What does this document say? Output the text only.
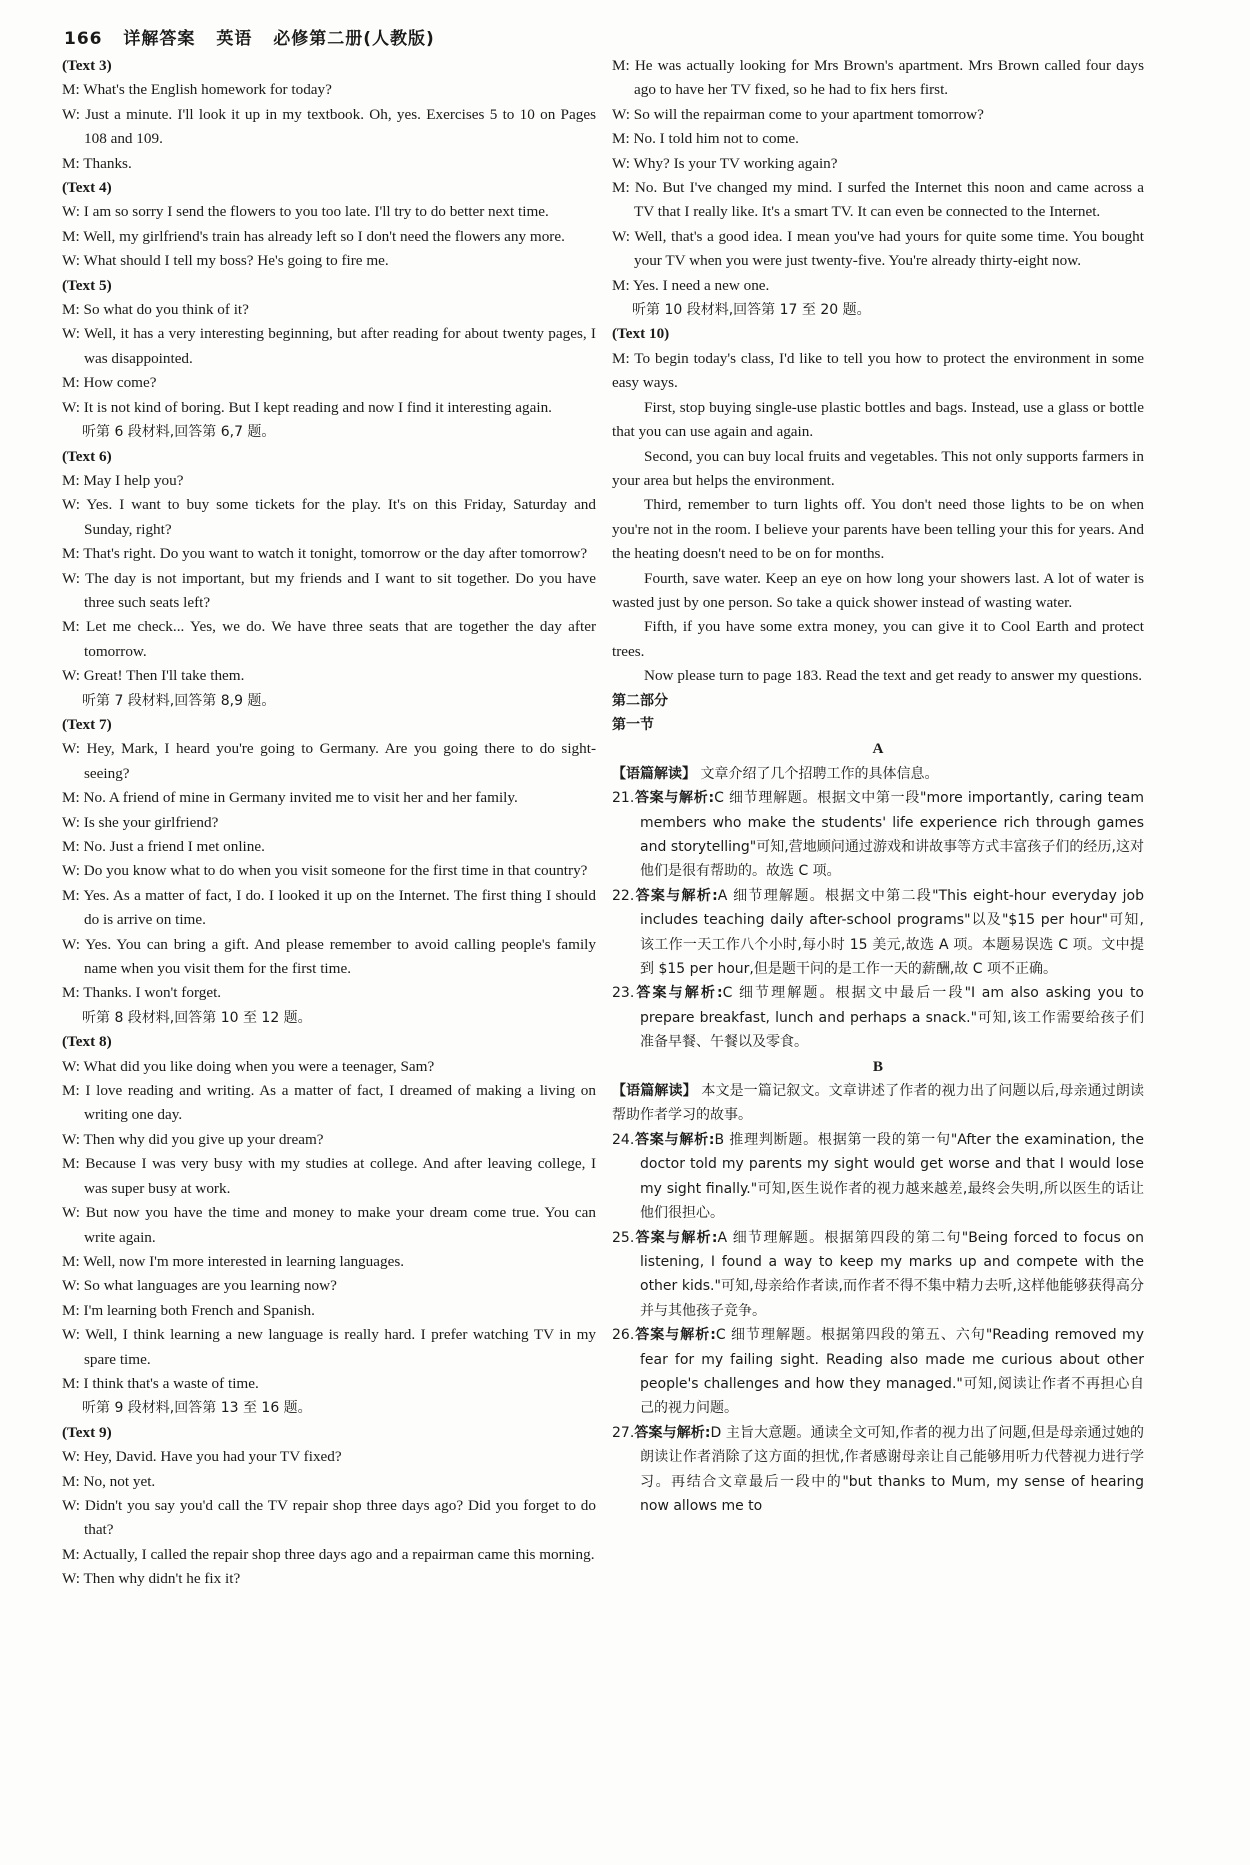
166 详解答案 英语 必修第二册(人教版)

(Text 3)

M: What's the English homework for today?

W: Just a minute. I'll look it up in my textbook. Oh, yes. Exercises 5 to 10 on Pages 108 and 109.

M: Thanks.

(Text 4)

W: I am so sorry I send the flowers to you too late. I'll try to do better next time.

M: Well, my girlfriend's train has already left so I don't need the flowers any more.

W: What should I tell my boss? He's going to fire me.

(Text 5)

M: So what do you think of it?

W: Well, it has a very interesting beginning, but after reading for about twenty pages, I was disappointed.

M: How come?

W: It is not kind of boring. But I kept reading and now I find it interesting again.

听第 6 段材料,回答第 6,7 题。

(Text 6)

M: May I help you?

W: Yes. I want to buy some tickets for the play. It's on this Friday, Saturday and Sunday, right?

M: That's right. Do you want to watch it tonight, tomorrow or the day after tomorrow?

W: The day is not important, but my friends and I want to sit together. Do you have three such seats left?

M: Let me check... Yes, we do. We have three seats that are together the day after tomorrow.

W: Great! Then I'll take them.

听第 7 段材料,回答第 8,9 题。

(Text 7)

W: Hey, Mark, I heard you're going to Germany. Are you going there to do sight-seeing?

M: No. A friend of mine in Germany invited me to visit her and her family.

W: Is she your girlfriend?

M: No. Just a friend I met online.

W: Do you know what to do when you visit someone for the first time in that country?

M: Yes. As a matter of fact, I do. I looked it up on the Internet. The first thing I should do is arrive on time.

W: Yes. You can bring a gift. And please remember to avoid calling people's family name when you visit them for the first time.

M: Thanks. I won't forget.

听第 8 段材料,回答第 10 至 12 题。

(Text 8)

W: What did you like doing when you were a teenager, Sam?

M: I love reading and writing. As a matter of fact, I dreamed of making a living on writing one day.

W: Then why did you give up your dream?

M: Because I was very busy with my studies at college. And after leaving college, I was super busy at work.

W: But now you have the time and money to make your dream come true. You can write again.

M: Well, now I'm more interested in learning languages.

W: So what languages are you learning now?

M: I'm learning both French and Spanish.

W: Well, I think learning a new language is really hard. I prefer watching TV in my spare time.

M: I think that's a waste of time.

听第 9 段材料,回答第 13 至 16 题。

(Text 9)

W: Hey, David. Have you had your TV fixed?

M: No, not yet.

W: Didn't you say you'd call the TV repair shop three days ago? Did you forget to do that?

M: Actually, I called the repair shop three days ago and a repairman came this morning.

W: Then why didn't he fix it?

M: He was actually looking for Mrs Brown's apartment. Mrs Brown called four days ago to have her TV fixed, so he had to fix hers first.

W: So will the repairman come to your apartment tomorrow?

M: No. I told him not to come.

W: Why? Is your TV working again?

M: No. But I've changed my mind. I surfed the Internet this noon and came across a TV that I really like. It's a smart TV. It can even be connected to the Internet.

W: Well, that's a good idea. I mean you've had yours for quite some time. You bought your TV when you were just twenty-five. You're already thirty-eight now.

M: Yes. I need a new one.

听第 10 段材料,回答第 17 至 20 题。

(Text 10)

M: To begin today's class, I'd like to tell you how to protect the environment in some easy ways.

First, stop buying single-use plastic bottles and bags. Instead, use a glass or bottle that you can use again and again.

Second, you can buy local fruits and vegetables. This not only supports farmers in your area but helps the environment.

Third, remember to turn lights off. You don't need those lights to be on when you're not in the room. I believe your parents have been telling your this for years. And the heating doesn't need to be on for months.

Fourth, save water. Keep an eye on how long your showers last. A lot of water is wasted just by one person. So take a quick shower instead of wasting water.

Fifth, if you have some extra money, you can give it to Cool Earth and protect trees.

Now please turn to page 183. Read the text and get ready to answer my questions.

第二部分

第一节

A

【语篇解读】 文章介绍了几个招聘工作的具体信息。

21.答案与解析:C 细节理解题。根据文中第一段"more importantly, caring team members who make the students' life experience rich through games and storytelling"可知,营地顾问通过游戏和讲故事等方式丰富孩子们的经历,这对他们是很有帮助的。故选 C 项。

22.答案与解析:A 细节理解题。根据文中第二段"This eight-hour everyday job includes teaching daily after-school programs"以及"$15 per hour"可知,该工作一天工作八个小时,每小时 15 美元,故选 A 项。本题易误选 C 项。文中提到 $15 per hour,但是题干问的是工作一天的薪酬,故 C 项不正确。

23.答案与解析:C 细节理解题。根据文中最后一段"I am also asking you to prepare breakfast, lunch and perhaps a snack."可知,该工作需要给孩子们准备早餐、午餐以及零食。

B

【语篇解读】 本文是一篇记叙文。文章讲述了作者的视力出了问题以后,母亲通过朗读帮助作者学习的故事。

24.答案与解析:B 推理判断题。根据第一段的第一句"After the examination, the doctor told my parents my sight would get worse and that I would lose my sight finally."可知,医生说作者的视力越来越差,最终会失明,所以医生的话让他们很担心。

25.答案与解析:A 细节理解题。根据第四段的第二句"Being forced to focus on listening, I found a way to keep my marks up and compete with the other kids."可知,母亲给作者读,而作者不得不集中精力去听,这样他能够获得高分并与其他孩子竞争。

26.答案与解析:C 细节理解题。根据第四段的第五、六句"Reading removed my fear for my failing sight. Reading also made me curious about other people's challenges and how they managed."可知,阅读让作者不再担心自己的视力问题。

27.答案与解析:D 主旨大意题。通读全文可知,作者的视力出了问题,但是母亲通过她的朗读让作者消除了这方面的担忧,作者感谢母亲让自己能够用听力代替视力进行学习。再结合文章最后一段中的"but thanks to Mum, my sense of hearing now allows me to
